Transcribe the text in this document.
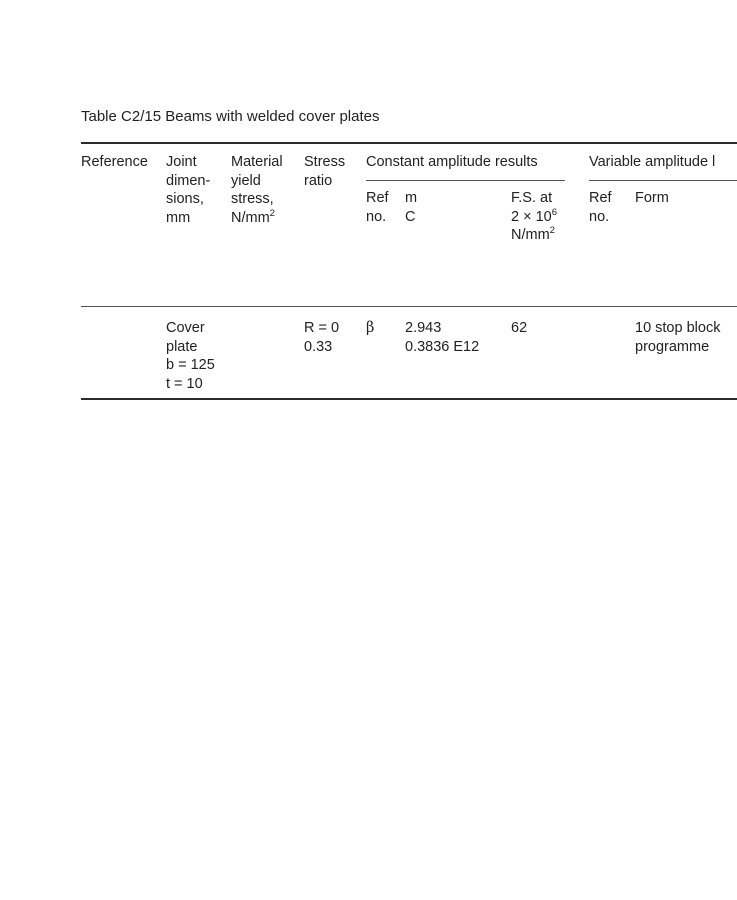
Table C2/15 Beams with welded cover plates
Reference Joint
dimen-
sions,
mm
Material
yield
stress,
$N/mm^2$
Stress
ratio
Constant amplitude results	Variable amplitude l
Ref
no.
m
C
F.S. at
$2 \times 10^6$
$N/mm^2$
Ref
no.
Form
Cover
plate
b = 125
t = 10
R = 0
0.33
β 2.943
0.3836 E12
62	10 stop block
programme
